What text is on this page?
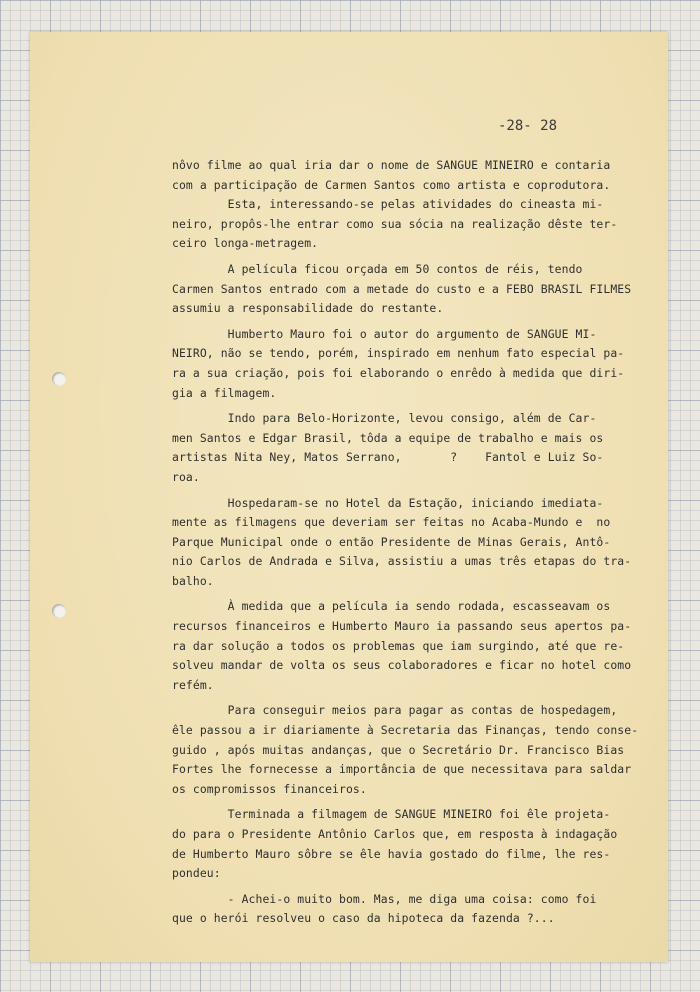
-28- 28

nôvo filme ao qual iria dar o nome de SANGUE MINEIRO e contaria

com a participação de Carmen Santos como artista e coprodutora.

Esta, interessando-se pelas atividades do cineasta mi-

neiro, propôs-lhe entrar como sua sócia na realização dêste ter-

ceiro longa-metragem.

A película ficou orçada em 50 contos de réis, tendo

Carmen Santos entrado com a metade do custo e a FEBO BRASIL FILMES

assumiu a responsabilidade do restante.

Humberto Mauro foi o autor do argumento de SANGUE MI-

NEIRO, não se tendo, porém, inspirado em nenhum fato especial pa-

ra a sua criação, pois foi elaborando o enrêdo à medida que diri-

gia a filmagem.

Indo para Belo-Horizonte, levou consigo, além de Car-

men Santos e Edgar Brasil, tôda a equipe de trabalho e mais os

artistas Nita Ney, Matos Serrano,       ?    Fantol e Luiz So-

roa.

Hospedaram-se no Hotel da Estação, iniciando imediata-

mente as filmagens que deveriam ser feitas no Acaba-Mundo e  no

Parque Municipal onde o então Presidente de Minas Gerais, Antô-

nio Carlos de Andrada e Silva, assistiu a umas três etapas do tra-

balho.

À medida que a película ia sendo rodada, escasseavam os

recursos financeiros e Humberto Mauro ia passando seus apertos pa-

ra dar solução a todos os problemas que iam surgindo, até que re-

solveu mandar de volta os seus colaboradores e ficar no hotel como

refém.

Para conseguir meios para pagar as contas de hospedagem,

êle passou a ir diariamente à Secretaria das Finanças, tendo conse-

guido , após muitas andanças, que o Secretário Dr. Francisco Bias

Fortes lhe fornecesse a importância de que necessitava para saldar

os compromissos financeiros.

Terminada a filmagem de SANGUE MINEIRO foi êle projeta-

do para o Presidente Antônio Carlos que, em resposta à indagação

de Humberto Mauro sôbre se êle havia gostado do filme, lhe res-

pondeu:

- Achei-o muito bom. Mas, me diga uma coisa: como foi

que o herói resolveu o caso da hipoteca da fazenda ?...
